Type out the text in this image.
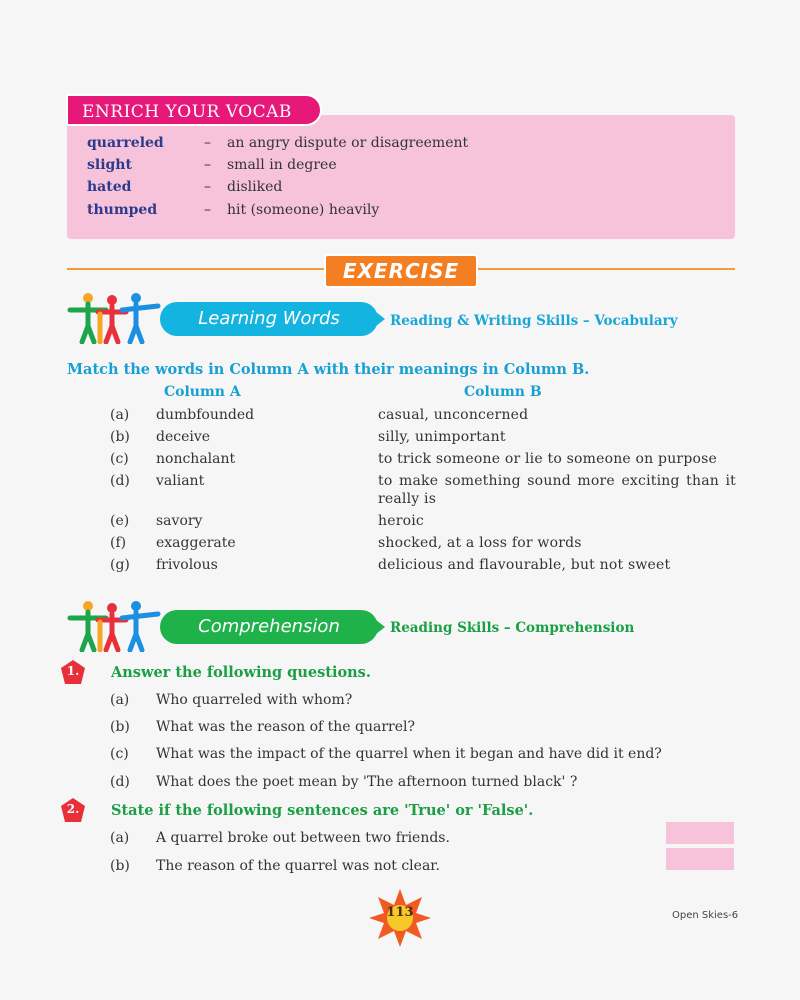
ENRICH YOUR VOCAB
quarreled	– an angry dispute or disagreement
slight	– small in degree
hated	– disliked
thumped	– hit (someone) heavily
EXERCISE
Learning Words	Reading & Writing Skills – Vocabulary
Match the words in Column A with their meanings in Column B.
Column A	Column B
(a) dumbfounded	casual, unconcerned
(b) deceive	silly, unimportant
(c) nonchalant	to trick someone or lie to someone on purpose
(d) valiant	to make something sound more exciting than it really is
(e) savory	heroic
(f) exaggerate	shocked, at a loss for words
(g) frivolous	delicious and flavourable, but not sweet
Comprehension	Reading Skills – Comprehension
1.	Answer the following questions.
(a) Who quarreled with whom?
(b) What was the reason of the quarrel?
(c) What was the impact of the quarrel when it began and have did it end?
(d) What does the poet mean by 'The afternoon turned black' ?
2.	State if the following sentences are 'True' or 'False'.
(a) A quarrel broke out between two friends.
(b) The reason of the quarrel was not clear.
113	Open Skies-6
